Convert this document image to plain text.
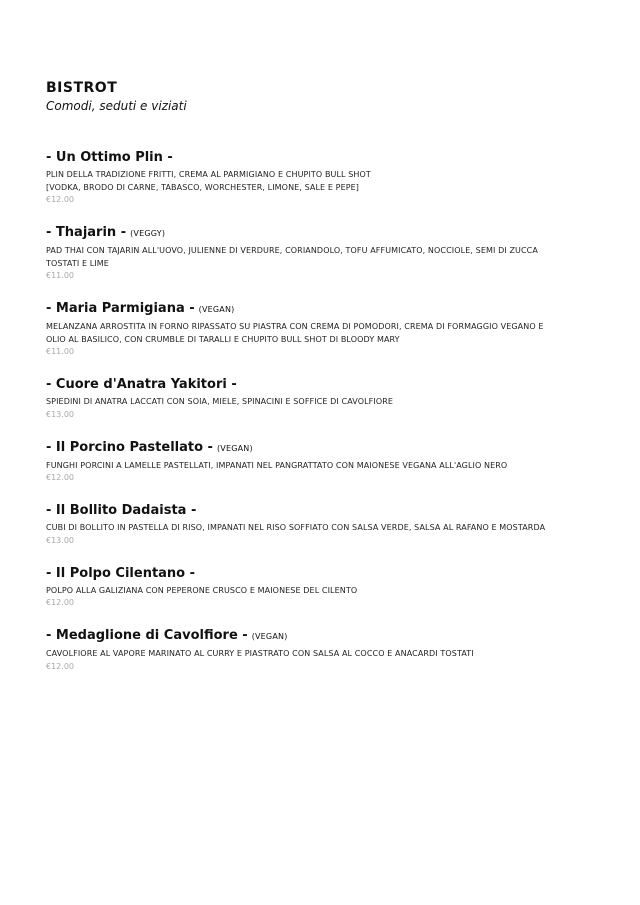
BISTROT

Comodi, seduti e viziati

- Un Ottimo Plin -
PLIN DELLA TRADIZIONE FRITTI, CREMA AL PARMIGIANO E CHUPITO BULL SHOT
[VODKA, BRODO DI CARNE, TABASCO, WORCHESTER, LIMONE, SALE E PEPE]
€12.00
- Thajarin - (VEGGY)
PAD THAI CON TAJARIN ALL'UOVO, JULIENNE DI VERDURE, CORIANDOLO, TOFU AFFUMICATO, NOCCIOLE, SEMI DI ZUCCA
TOSTATI E LIME
€11.00
- Maria Parmigiana - (VEGAN)
MELANZANA ARROSTITA IN FORNO RIPASSATO SU PIASTRA CON CREMA DI POMODORI, CREMA DI FORMAGGIO VEGANO E
OLIO AL BASILICO, CON CRUMBLE DI TARALLI E CHUPITO BULL SHOT DI BLOODY MARY
€11.00
- Cuore d'Anatra Yakitori -
SPIEDINI DI ANATRA LACCATI CON SOIA, MIELE, SPINACINI E SOFFICE DI CAVOLFIORE
€13.00
- Il Porcino Pastellato - (VEGAN)
FUNGHI PORCINI A LAMELLE PASTELLATI, IMPANATI NEL PANGRATTATO CON MAIONESE VEGANA ALL'AGLIO NERO
€12.00
- Il Bollito Dadaista -
CUBI DI BOLLITO IN PASTELLA DI RISO, IMPANATI NEL RISO SOFFIATO CON SALSA VERDE, SALSA AL RAFANO E MOSTARDA
€13.00
- Il Polpo Cilentano -
POLPO ALLA GALIZIANA CON PEPERONE CRUSCO E MAIONESE DEL CILENTO
€12.00
- Medaglione di Cavolfiore - (VEGAN)
CAVOLFIORE AL VAPORE MARINATO AL CURRY E PIASTRATO CON SALSA AL COCCO E ANACARDI TOSTATI
€12.00
